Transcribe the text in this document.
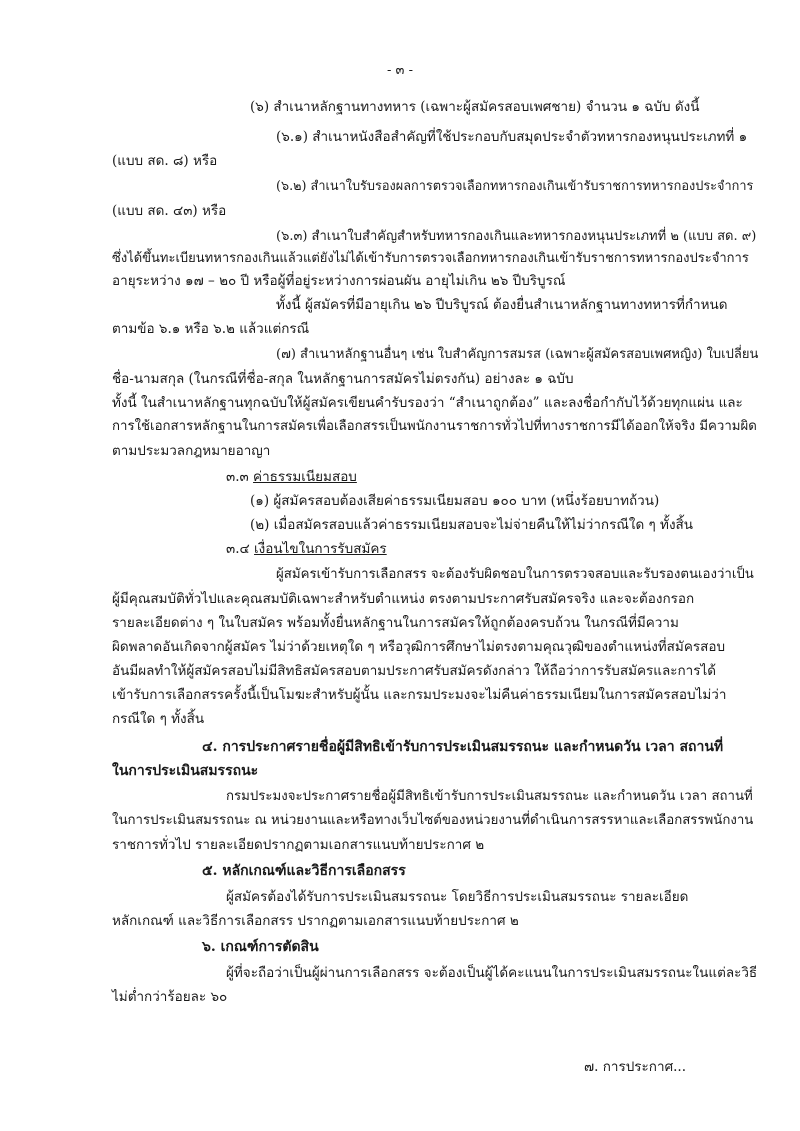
- ๓ -
(๖) สำเนาหลักฐานทางทหาร (เฉพาะผู้สมัครสอบเพศชาย) จำนวน ๑ ฉบับ ดังนี้
(๖.๑) สำเนาหนังสือสำคัญที่ใช้ประกอบกับสมุดประจำตัวทหารกองหนุนประเภทที่ ๑
(แบบ สด. ๘) หรือ
(๖.๒) สำเนาใบรับรองผลการตรวจเลือกทหารกองเกินเข้ารับราชการทหารกองประจำการ
(แบบ สด. ๔๓) หรือ
(๖.๓) สำเนาใบสำคัญสำหรับทหารกองเกินและทหารกองหนุนประเภทที่ ๒ (แบบ สด. ๙)
ซึ่งได้ขึ้นทะเบียนทหารกองเกินแล้วแต่ยังไม่ได้เข้ารับการตรวจเลือกทหารกองเกินเข้ารับราชการทหารกองประจำการ
อายุระหว่าง ๑๗ – ๒๐ ปี หรือผู้ที่อยู่ระหว่างการผ่อนผัน อายุไม่เกิน ๒๖ ปีบริบูรณ์
ทั้งนี้ ผู้สมัครที่มีอายุเกิน ๒๖ ปีบริบูรณ์ ต้องยื่นสำเนาหลักฐานทางทหารที่กำหนด
ตามข้อ ๖.๑ หรือ ๖.๒ แล้วแต่กรณี
(๗) สำเนาหลักฐานอื่นๆ เช่น ใบสำคัญการสมรส (เฉพาะผู้สมัครสอบเพศหญิง) ใบเปลี่ยน
ชื่อ-นามสกุล (ในกรณีที่ชื่อ-สกุล ในหลักฐานการสมัครไม่ตรงกัน) อย่างละ ๑ ฉบับ
ทั้งนี้ ในสำเนาหลักฐานทุกฉบับให้ผู้สมัครเขียนคำรับรองว่า “สำเนาถูกต้อง” และลงชื่อกำกับไว้ด้วยทุกแผ่น และ
การใช้เอกสารหลักฐานในการสมัครเพื่อเลือกสรรเป็นพนักงานราชการทั่วไปที่ทางราชการมีได้ออกให้จริง มีความผิด
ตามประมวลกฎหมายอาญา
๓.๓ ค่าธรรมเนียมสอบ
(๑) ผู้สมัครสอบต้องเสียค่าธรรมเนียมสอบ ๑๐๐ บาท (หนึ่งร้อยบาทถ้วน)
(๒) เมื่อสมัครสอบแล้วค่าธรรมเนียมสอบจะไม่จ่ายคืนให้ไม่ว่ากรณีใด ๆ ทั้งสิ้น
๓.๔ เงื่อนไขในการรับสมัคร
ผู้สมัครเข้ารับการเลือกสรร จะต้องรับผิดชอบในการตรวจสอบและรับรองตนเองว่าเป็น
ผู้มีคุณสมบัติทั่วไปและคุณสมบัติเฉพาะสำหรับตำแหน่ง ตรงตามประกาศรับสมัครจริง และจะต้องกรอก
รายละเอียดต่าง ๆ ในใบสมัคร พร้อมทั้งยื่นหลักฐานในการสมัครให้ถูกต้องครบถ้วน ในกรณีที่มีความ
ผิดพลาดอันเกิดจากผู้สมัคร ไม่ว่าด้วยเหตุใด ๆ หรือวุฒิการศึกษาไม่ตรงตามคุณวุฒิของตำแหน่งที่สมัครสอบ
อันมีผลทำให้ผู้สมัครสอบไม่มีสิทธิสมัครสอบตามประกาศรับสมัครดังกล่าว ให้ถือว่าการรับสมัครและการได้
เข้ารับการเลือกสรรครั้งนี้เป็นโมฆะสำหรับผู้นั้น และกรมประมงจะไม่คืนค่าธรรมเนียมในการสมัครสอบไม่ว่า
กรณีใด ๆ ทั้งสิ้น
๔. การประกาศรายชื่อผู้มีสิทธิเข้ารับการประเมินสมรรถนะ และกำหนดวัน เวลา สถานที่
ในการประเมินสมรรถนะ
กรมประมงจะประกาศรายชื่อผู้มีสิทธิเข้ารับการประเมินสมรรถนะ และกำหนดวัน เวลา สถานที่
ในการประเมินสมรรถนะ ณ หน่วยงานและหรือทางเว็บไซต์ของหน่วยงานที่ดำเนินการสรรหาและเลือกสรรพนักงาน
ราชการทั่วไป รายละเอียดปรากฏตามเอกสารแนบท้ายประกาศ ๒
๕. หลักเกณฑ์และวิธีการเลือกสรร
ผู้สมัครต้องได้รับการประเมินสมรรถนะ โดยวิธีการประเมินสมรรถนะ รายละเอียด
หลักเกณฑ์ และวิธีการเลือกสรร ปรากฏตามเอกสารแนบท้ายประกาศ ๒
๖. เกณฑ์การตัดสิน
ผู้ที่จะถือว่าเป็นผู้ผ่านการเลือกสรร จะต้องเป็นผู้ได้คะแนนในการประเมินสมรรถนะในแต่ละวิธี
ไม่ต่ำกว่าร้อยละ ๖๐
๗. การประกาศ...
